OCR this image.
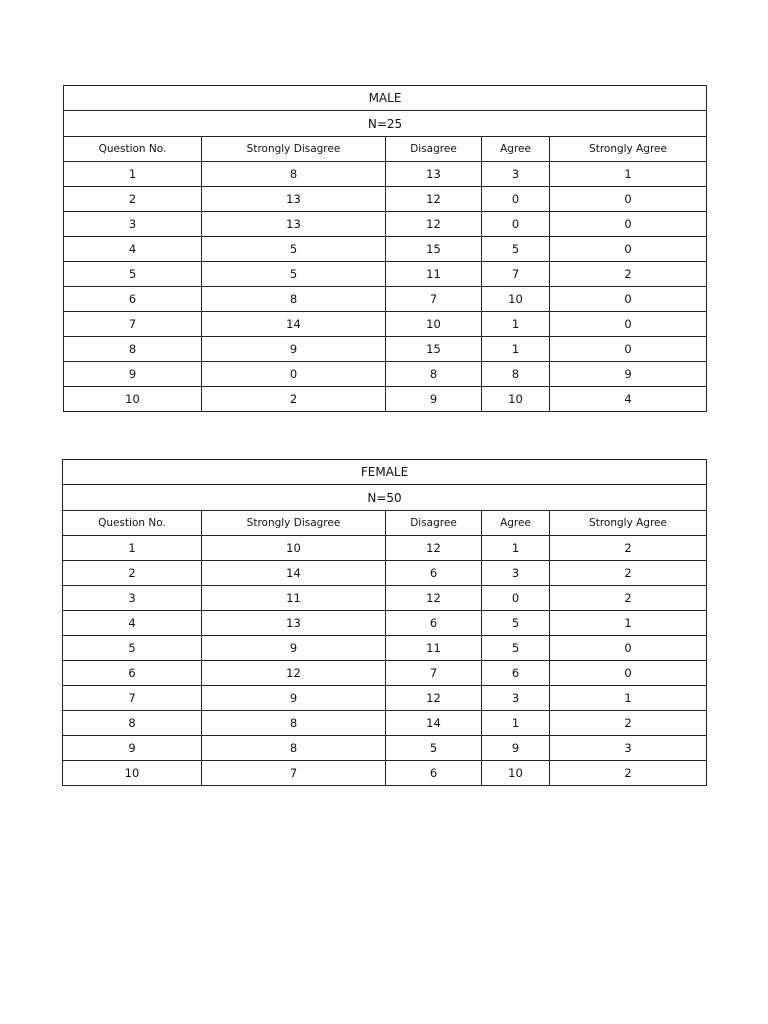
MALE				
N=25				
Question No.	Strongly Disagree	Disagree	Agree	Strongly Agree
1	8	13	3	1
2	13	12	0	0
3	13	12	0	0
4	5	15	5	0
5	5	11	7	2
6	8	7	10	0
7	14	10	1	0
8	9	15	1	0
9	0	8	8	9
10	2	9	10	4
FEMALE				
N=50				
Question No.	Strongly Disagree	Disagree	Agree	Strongly Agree
1	10	12	1	2
2	14	6	3	2
3	11	12	0	2
4	13	6	5	1
5	9	11	5	0
6	12	7	6	0
7	9	12	3	1
8	8	14	1	2
9	8	5	9	3
10	7	6	10	2
